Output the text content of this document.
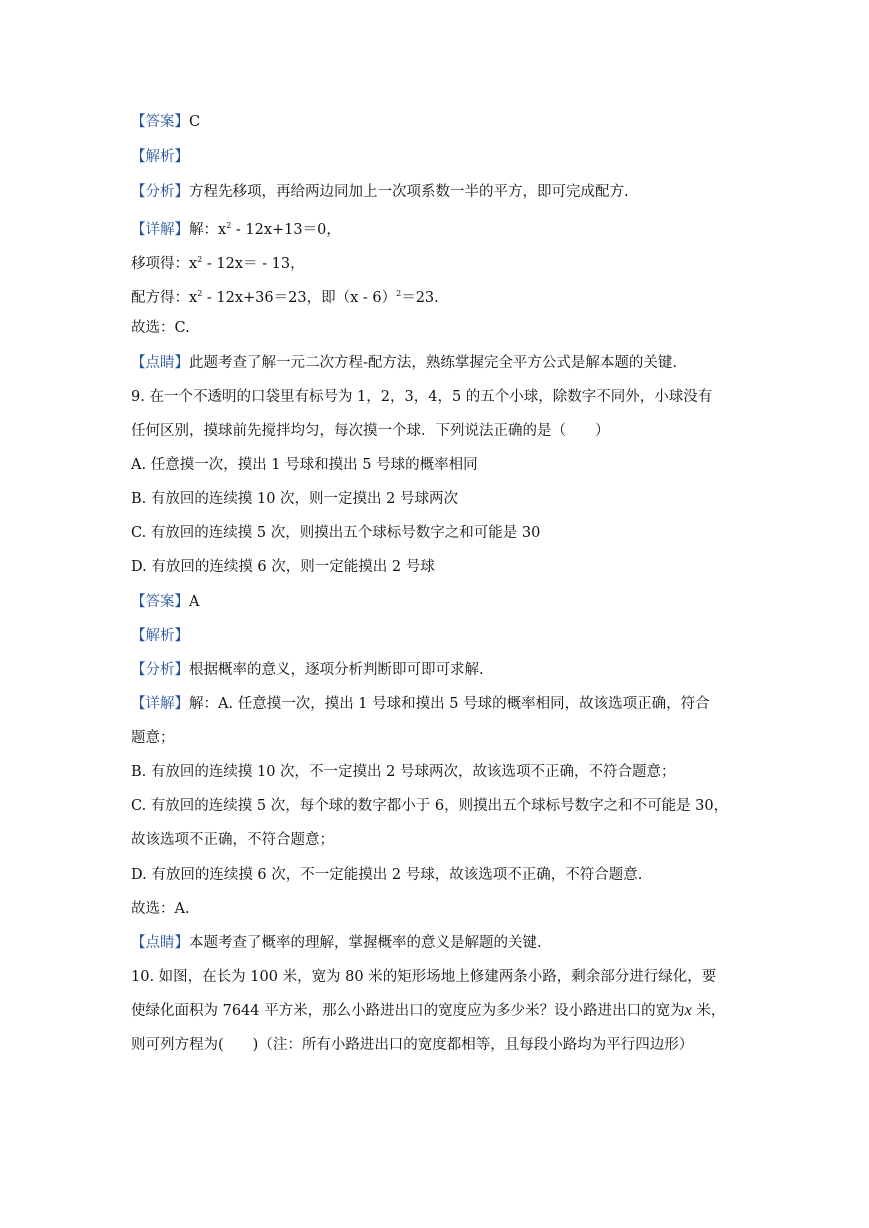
【答案】C
【解析】
【分析】方程先移项，再给两边同加上一次项系数一半的平方，即可完成配方.
【详解】解：$x^2 - 12x+13=0$，
移项得：$x^2 - 12x= - 13$，
配方得：$x^2 - 12x+36=23$，即（x - 6）$^2$＝23.
故选：C.
【点睛】此题考查了解一元二次方程-配方法，熟练掌握完全平方公式是解本题的关键.
9. 在一个不透明的口袋里有标号为 1，2，3，4，5 的五个小球，除数字不同外，小球没有
任何区别，摸球前先搅拌均匀，每次摸一个球．下列说法正确的是（　　）
A. 任意摸一次，摸出 1 号球和摸出 5 号球的概率相同
B. 有放回的连续摸 10 次，则一定摸出 2 号球两次
C. 有放回的连续摸 5 次，则摸出五个球标号数字之和可能是 30
D. 有放回的连续摸 6 次，则一定能摸出 2 号球
【答案】A
【解析】
【分析】根据概率的意义，逐项分析判断即可即可求解.
【详解】解：A. 任意摸一次，摸出 1 号球和摸出 5 号球的概率相同，故该选项正确，符合
题意；
B. 有放回的连续摸 10 次，不一定摸出 2 号球两次，故该选项不正确，不符合题意；
C. 有放回的连续摸 5 次，每个球的数字都小于 6，则摸出五个球标号数字之和不可能是 30，
故该选项不正确，不符合题意；
D. 有放回的连续摸 6 次，不一定能摸出 2 号球，故该选项不正确，不符合题意.
故选：A.
【点睛】本题考查了概率的理解，掌握概率的意义是解题的关键.
10. 如图，在长为 100 米，宽为 80 米的矩形场地上修建两条小路，剩余部分进行绿化，要
使绿化面积为 7644 平方米，那么小路进出口的宽度应为多少米？设小路进出口的宽为x 米，
则可列方程为(　　)（注：所有小路进出口的宽度都相等，且每段小路均为平行四边形）
